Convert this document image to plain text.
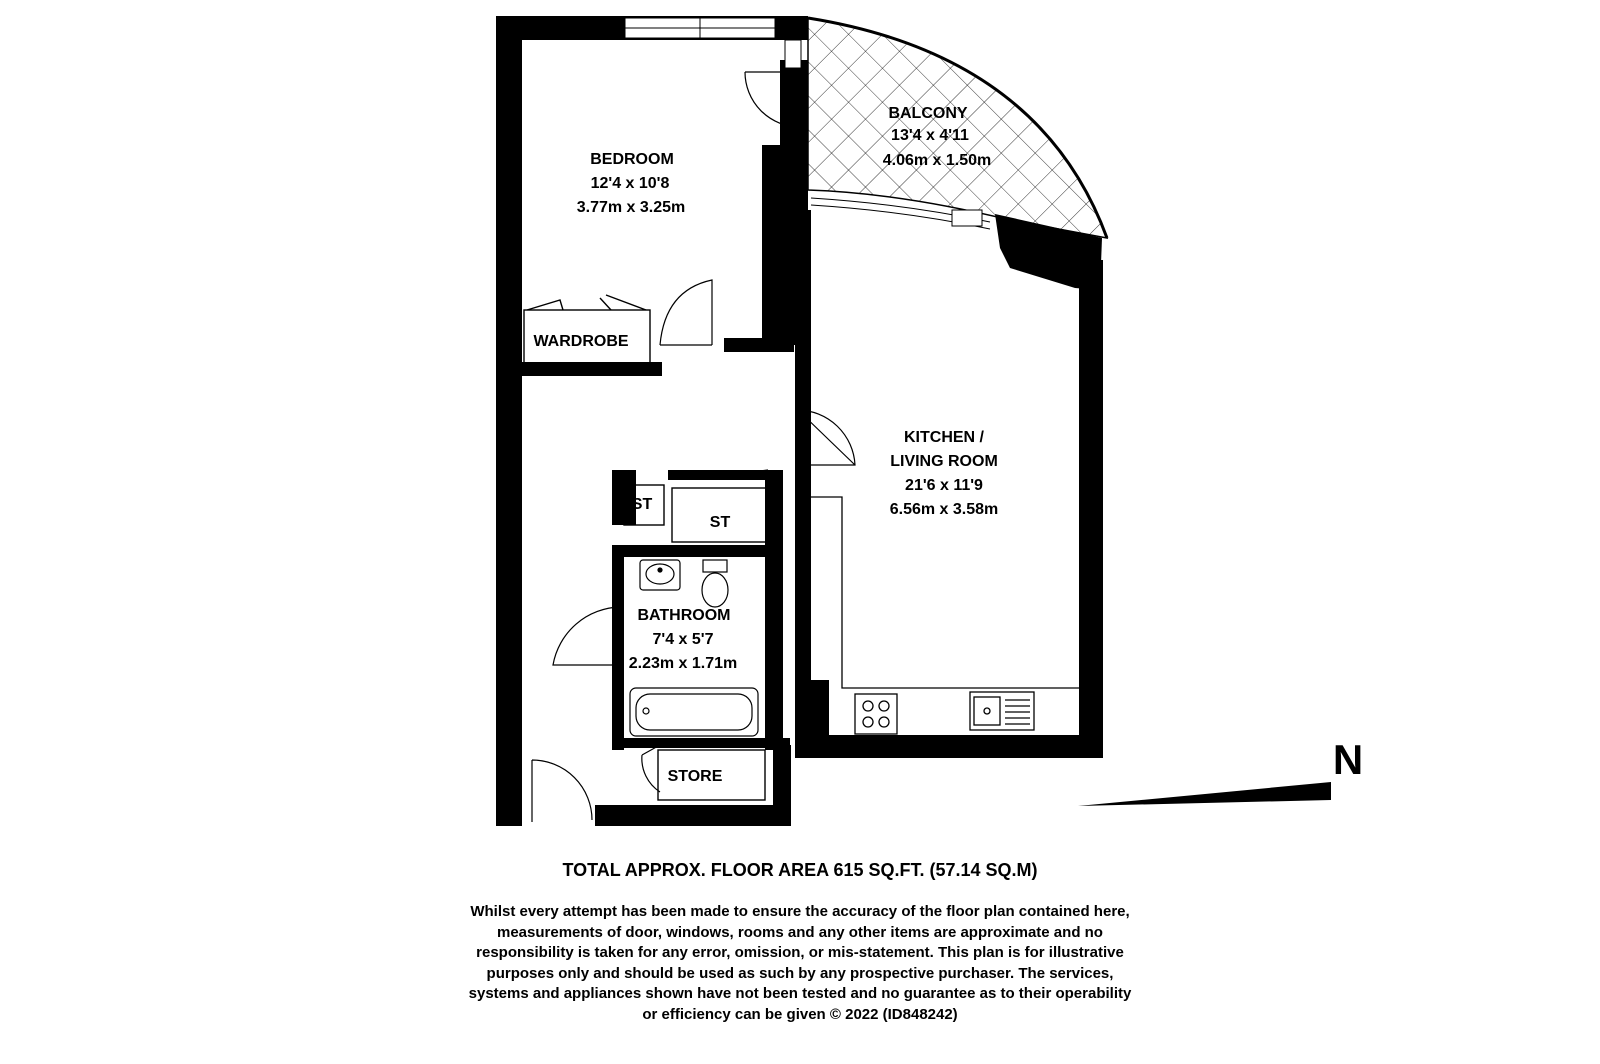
BALCONY
13'4 x 4'11
4.06m x 1.50m
BEDROOM
12'4 x 10'8
3.77m x 3.25m
WARDROBE
KITCHEN /
LIVING ROOM
21'6 x 11'9
6.56m x 3.58m
ST
ST
BATHROOM
7'4 x 5'7
2.23m x 1.71m
STORE	N
TOTAL APPROX. FLOOR AREA 615 SQ.FT. (57.14 SQ.M)
Whilst every attempt has been made to ensure the accuracy of the floor plan contained here,
measurements of door, windows, rooms and any other items are approximate and no
responsibility is taken for any error, omission, or mis-statement. This plan is for illustrative
purposes only and should be used as such by any prospective purchaser. The services,
systems and appliances shown have not been tested and no guarantee as to their operability
or efficiency can be given © 2022 (ID848242)
